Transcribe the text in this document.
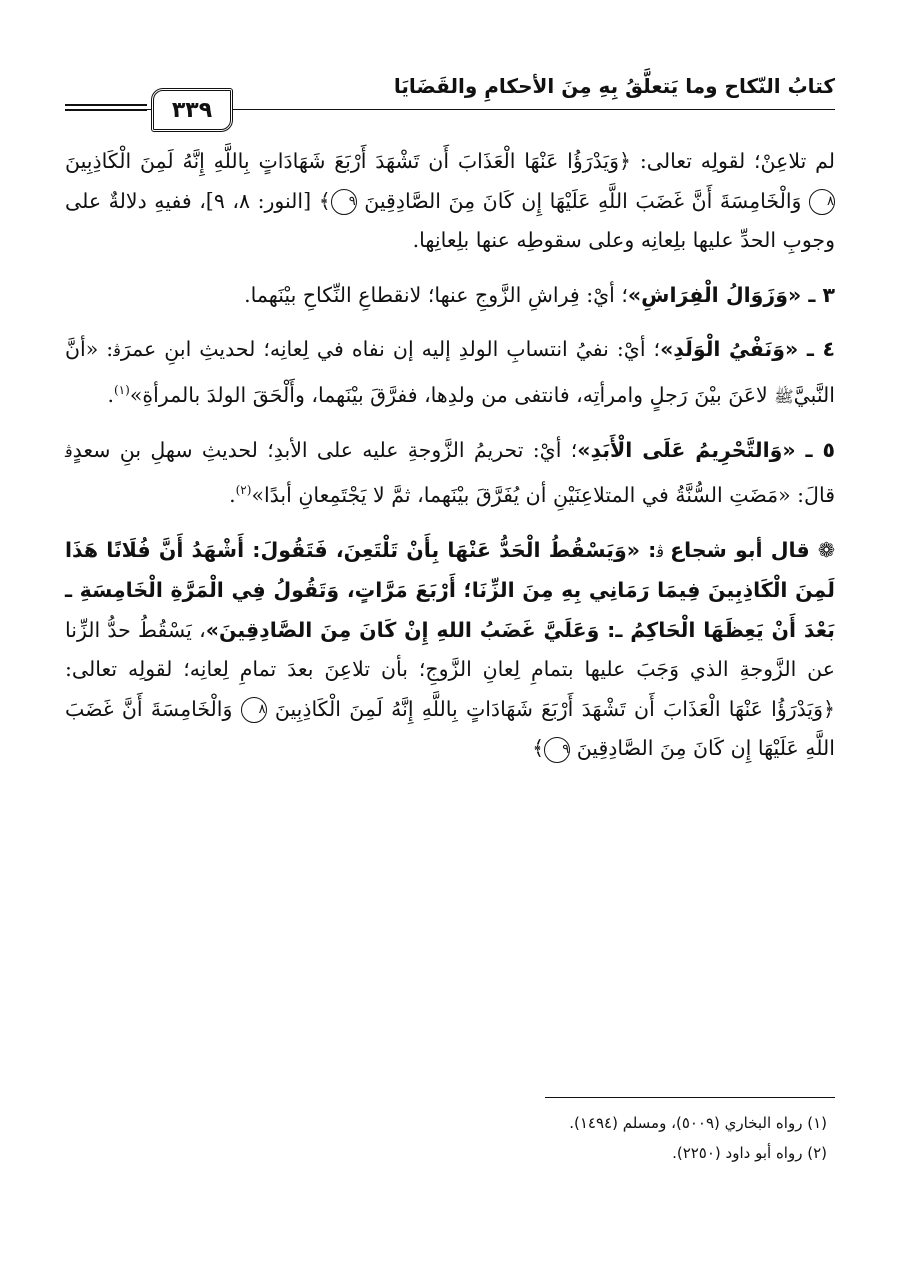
كتابُ النّكاح وما يَتعلَّقُ بِهِ مِنَ الأحكامِ والقَضَايَا
٣٣٩

لم تلاعِنْ؛ لقولِه تعالى: ﴿وَيَدْرَؤُا عَنْهَا الْعَذَابَ أَن تَشْهَدَ أَرْبَعَ شَهَادَاتٍ بِاللَّهِ إِنَّهُ لَمِنَ الْكَاذِبِينَ ٨ وَالْخَامِسَةَ أَنَّ غَضَبَ اللَّهِ عَلَيْهَا إِن كَانَ مِنَ الصَّادِقِينَ ٩﴾ [النور: ٨، ٩]، ففيهِ دلالةٌ على وجوبِ الحدِّ عليها بلِعانِه وعلى سقوطِه عنها بلِعانِها.

٣ ـ «وَزَوَالُ الْفِرَاشِ»؛ أيْ: فِراشِ الزَّوجِ عنها؛ لانقطاعِ النِّكاحِ بيْنَهما.

٤ ـ «وَنَفْيُ الْوَلَدِ»؛ أيْ: نفيُ انتسابِ الولدِ إليه إن نفاه في لِعانِه؛ لحديثِ ابنِ عمرَﭬ: «أنَّ النَّبيَّﷺ لاعَنَ بيْنَ رَجلٍ وامرأتِه، فانتفى من ولدِها، ففرَّقَ بيْنَهما، وأَلْحَقَ الولدَ بالمرأةِ»$^{(١)}$.

٥ ـ «وَالتَّحْرِيمُ عَلَى الْأَبَدِ»؛ أيْ: تحريمُ الزَّوجةِ عليه على الأبدِ؛ لحديثِ سهلِ بنِ سعدٍﭬ قالَ: «مَضَتِ السُّنَّةُ في المتلاعِنَيْنِ أن يُفَرَّقَ بيْنَهما، ثمَّ لا يَجْتَمِعانِ أبدًا»$^{(٢)}$.

❁ قال أبو شجاع ﭬ: «وَيَسْقُطُ الْحَدُّ عَنْهَا بِأَنْ تَلْتَعِنَ، فَتَقُولَ: أَشْهَدُ أَنَّ فُلَانًا هَذَا لَمِنَ الْكَاذِبِينَ فِيمَا رَمَانِي بِهِ مِنَ الزِّنَا؛ أَرْبَعَ مَرَّاتٍ، وَتَقُولُ فِي الْمَرَّةِ الْخَامِسَةِ ـ بَعْدَ أَنْ يَعِظَهَا الْحَاكِمُ ـ: وَعَلَيَّ غَضَبُ اللهِ إِنْ كَانَ مِنَ الصَّادِقِينَ»، يَسْقُطُ حدُّ الزِّنا عن الزَّوجةِ الذي وَجَبَ عليها بتمامِ لِعانِ الزَّوجِ؛ بأن تلاعِنَ بعدَ تمامِ لِعانِه؛ لقولِه تعالى: ﴿وَيَدْرَؤُا عَنْهَا الْعَذَابَ أَن تَشْهَدَ أَرْبَعَ شَهَادَاتٍ بِاللَّهِ إِنَّهُ لَمِنَ الْكَاذِبِينَ ٨ وَالْخَامِسَةَ أَنَّ غَضَبَ اللَّهِ عَلَيْهَا إِن كَانَ مِنَ الصَّادِقِينَ ٩﴾

(١) رواه البخاري (٥٠٠٩)، ومسلم (١٤٩٤).
(٢) رواه أبو داود (٢٢٥٠).
